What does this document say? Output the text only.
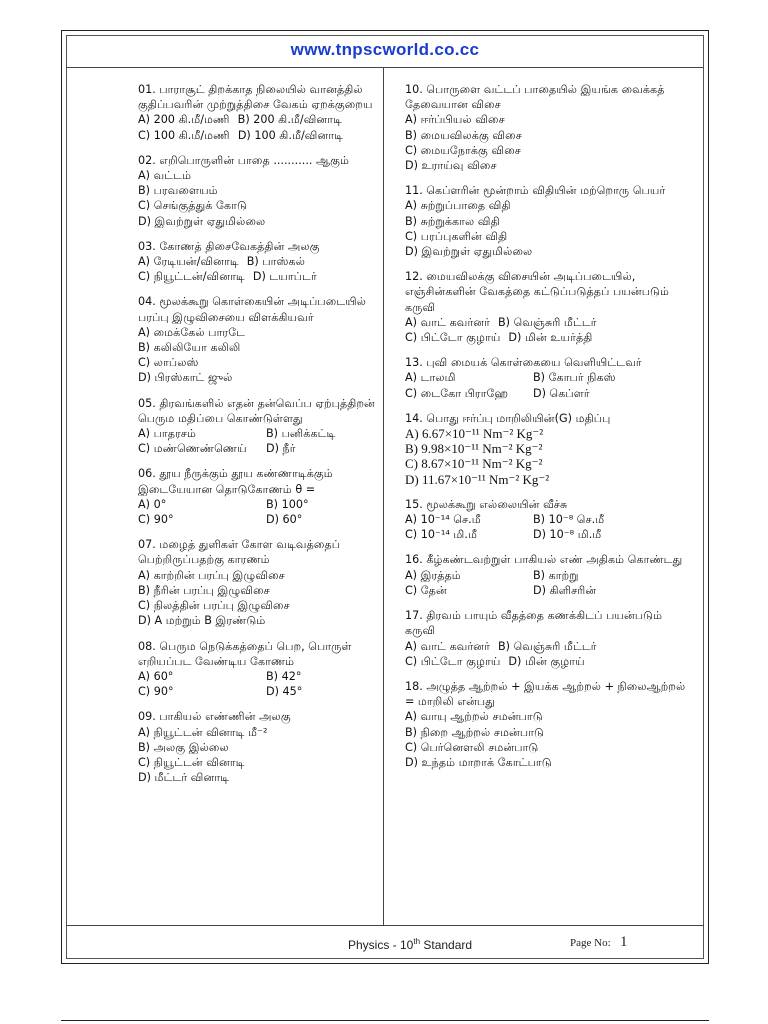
www.tnpscworld.co.cc

01. பாராசூட் திறக்காத நிலையில் வானத்தில் குதிப்பவரின் முற்றுத்திசை வேகம் ஏறக்குறைய

A) 200 கி.மீ/மணி B) 200 கி.மீ/வினாடி
C) 100 கி.மீ/மணி D) 100 கி.மீ/வினாடி

02. எறிபொருளின் பாதை ........... ஆகும்

A) வட்டம்

B) பரவளையம்

C) செங்குத்துக் கோடு

D) இவற்றுள் ஏதுமில்லை

03. கோணத் திசைவேகத்தின் அலகு

A) ரேடியன்/வினாடி B) பாஸ்கல்
C) நியூட்டன்/வினாடி D) டயாப்டர்

04. மூலக்கூறு கொள்கையின் அடிப்படையில் பரப்பு இழுவிசையை விளக்கியவர்

A) மைக்கேல் பாரடே

B) கலிலியோ கலிலி

C) லாப்லஸ்

D) பிரஸ்காட் ஜுல்

05. திரவங்களில் எதன் தன்வெப்ப ஏற்புத்திறன் பெரும மதிப்பை கொண்டுள்ளது

A) பாதரசம்	B) பனிக்கட்டி
C) மண்ணெண்ணெய்	D) நீர்

06. தூய நீருக்கும் தூய கண்ணாடிக்கும் இடையேயான தொடுகோணம் θ =

A) 0°	B) 100°
C) 90°	D) 60°

07. மழைத் துளிகள் கோள வடிவத்தைப் பெற்றிருப்பதற்கு காரணம்

A) காற்றின் பரப்பு இழுவிசை

B) நீரின் பரப்பு இழுவிசை

C) நிலத்தின் பரப்பு இழுவிசை

D) A மற்றும் B இரண்டும்

08. பெரும நெடுக்கத்தைப் பெற, பொருள் எறியப்பட வேண்டிய கோணம்

A) 60°	B) 42°
C) 90°	D) 45°

09. பாகியல் எண்ணின் அலகு

A) நியூட்டன் வினாடி மீ⁻²

B) அலகு இல்லை

C) நியூட்டன் வினாடி

D) மீட்டர் வினாடி

10. பொருளை வட்டப் பாதையில் இயங்க வைக்கத் தேவையான விசை

A) ஈர்ப்பியல் விசை

B) மையவிலக்கு விசை

C) மையநோக்கு விசை

D) உராய்வு விசை

11. கெப்ளரின் மூன்றாம் விதியின் மற்றொரு பெயர்

A) சுற்றுப்பாதை விதி

B) சுற்றுக்கால விதி

C) பரப்புகளின் விதி

D) இவற்றுள் ஏதுமில்லை

12. மையவிலக்கு விசையின் அடிப்படையில், எஞ்சின்களின் வேகத்தை கட்டுப்படுத்தப் பயன்படும் கருவி

A) வாட் கவர்னர் B) வெஞ்சுரி மீட்டர்
C) பிட்டோ குழாய் D) மின் உயர்த்தி

13. புவி மையக் கொள்கையை வெளியிட்டவர்

A) டாலமி	B) கோபர் நிகஸ்
C) டைகோ பிராஹே	D) கெப்ளர்

14. பொது ஈர்ப்பு மாறிலியின்(G) மதிப்பு

A) 6.67×10⁻¹¹ Nm⁻² Kg⁻²

B) 9.98×10⁻¹¹ Nm⁻² Kg⁻²

C) 8.67×10⁻¹¹ Nm⁻² Kg⁻²

D) 11.67×10⁻¹¹ Nm⁻² Kg⁻²

15. மூலக்கூறு எல்லையின் வீச்சு

A) 10⁻¹⁴ செ.மீ	B) 10⁻⁸ செ.மீ
C) 10⁻¹⁴ மி.மீ	D) 10⁻⁸ மி.மீ

16. கீழ்கண்டவற்றுள் பாகியல் எண் அதிகம் கொண்டது

A) இரத்தம்	B) காற்று
C) தேன்	D) கிளிசரின்

17. திரவம் பாயும் வீதத்தை கணக்கிடப் பயன்படும் கருவி

A) வாட் கவர்னர் B) வெஞ்சுரி மீட்டர்
C) பிட்டோ குழாய் D) மின் குழாய்

18. அழுத்த ஆற்றல் + இயக்க ஆற்றல் + நிலைஆற்றல் = மாறிலி என்பது

A) வாயு ஆற்றல் சமன்பாடு

B) நிறை ஆற்றல் சமன்பாடு

C) பெர்னௌலி சமன்பாடு

D) உந்தம் மாறாக் கோட்பாடு

Physics - 10th Standard	Page No: 1
